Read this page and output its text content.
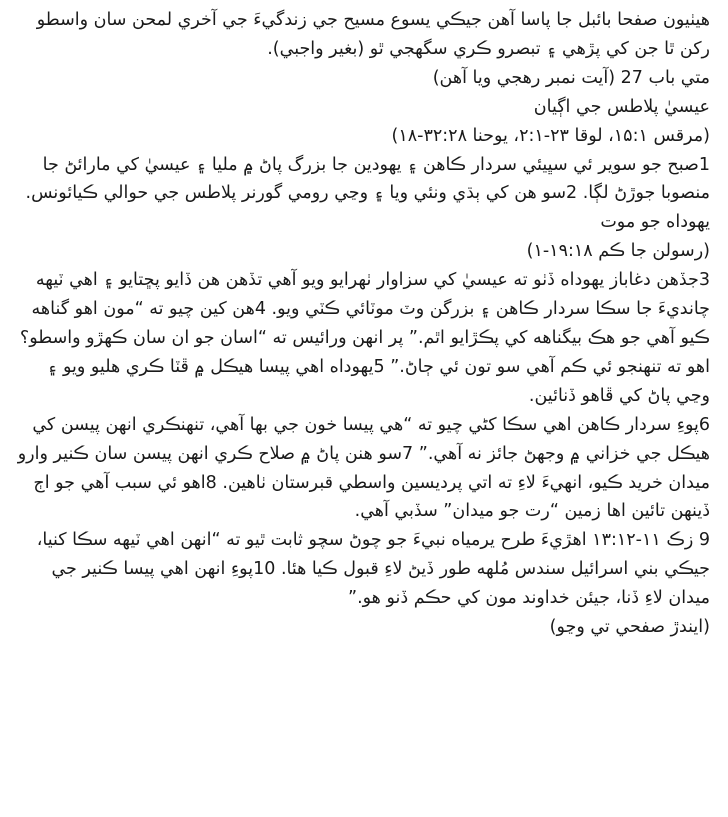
هيٺيون صفحا بائبل جا پاسا آهن جيڪي يسوع مسيح جي زندگيءَ جي آخري لمحن سان واسطو رکن ٿا جن کي پڙهي ۽ تبصرو ڪري سگهجي ٿو (بغير واجبي).

متي باب 27 (آيت نمبر رهجي ويا آهن)

عيسيٰ پلاطس جي اڳيان

(مرقس ۱۵:۱، لوقا ۲۳-۲:۱، يوحنا ۳۲:۲۸-۱۸)

1صبح جو سوير ئي سڀيئي سردار ڪاهن ۽ يهودين جا بزرگ پاڻ ۾ مليا ۽ عيسيٰ کي مارائڻ جا منصوبا جوڙڻ لڳا. 2سو هن کي ٻڌي ونئي ويا ۽ وڃي رومي گورنر پلاطس جي حوالي ڪيائونس.

يهوداه جو موت

(رسولن جا ڪم ۱۹:۱۸-۱)

3جڏهن دغاباز يهوداه ڏٺو ته عيسيٰ کي سزاوار ٺهرايو ويو آهي تڏهن هن ڏايو پڇتايو ۽ اهي ٽيهه چانديءَ جا سڪا سردار ڪاهن ۽ بزرگن وٽ موٽائي ڪٽي ويو. 4هن کين چيو ته “مون اهو گناهه ڪيو آهي جو هڪ بيگناهه کي پڪڙايو اٿم.” پر انهن ورائيس ته “اسان جو ان سان ڪهڙو واسطو؟ اهو ته تنهنجو ئي ڪم آهي سو تون ئي ڄاڻ.” 5يهوداه اهي پيسا هيڪل ۾ ڦٽا ڪري هليو ويو ۽ وڃي پاڻ کي ڦاهو ڏنائين.

6پوءِ سردار ڪاهن اهي سڪا کڻي چيو ته “هي پيسا خون جي بها آهي، تنهنڪري انهن پيسن کي هيڪل جي خزاني ۾ وجهڻ جائز نه آهي.” 7سو هنن پاڻ ۾ صلاح ڪري انهن پيسن سان ڪنير وارو ميدان خريد ڪيو، انهيءَ لاءِ ته اتي پرديسين واسطي قبرستان ٺاهين. 8اهو ئي سبب آهي جو اڄ ڏينهن تائين اها زمين “رت جو ميدان” سڏبي آهي.

9 زڪ ۱۱-۱۳:۱۲ اهڙيءَ طرح يرمياه نبيءَ جو چوڻ سچو ثابت ٿيو ته “انهن اهي ٽيهه سڪا کنيا، جيڪي بني اسرائيل سندس مُلهه طور ڏيڻ لاءِ قبول ڪيا هئا. 10پوءِ انهن اهي پيسا ڪنير جي ميدان لاءِ ڏنا، جيئن خداوند مون کي حڪم ڏنو هو.”

(ايندڙ صفحي تي وڃو)
